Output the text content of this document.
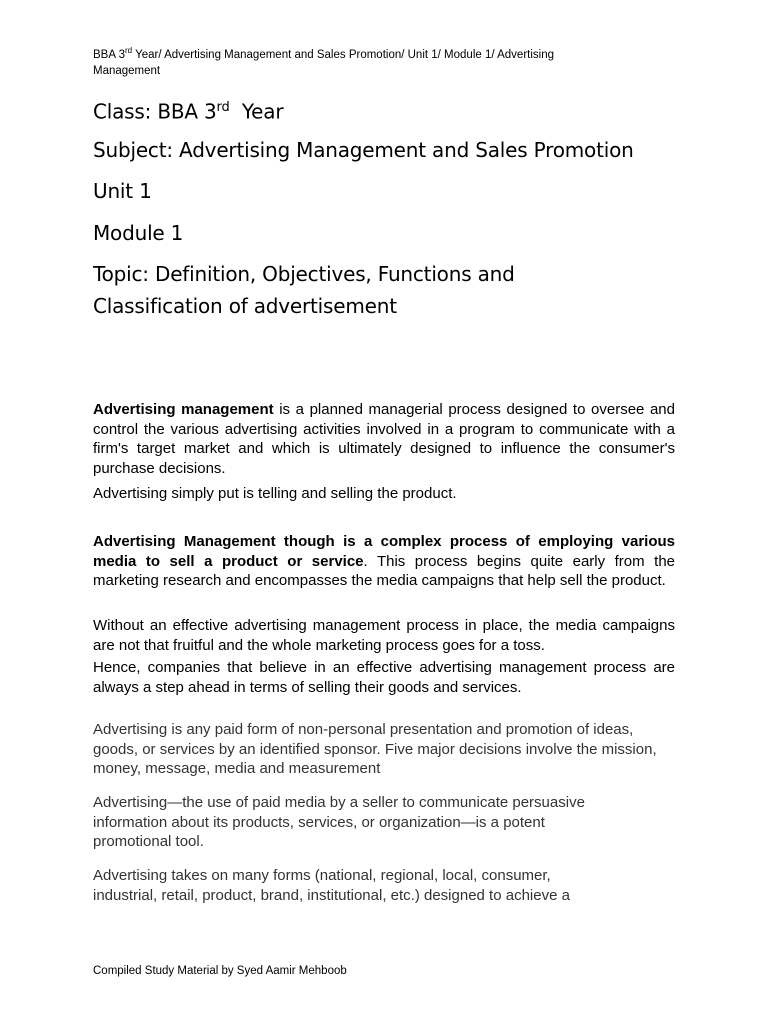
BBA 3rd Year/ Advertising Management and Sales Promotion/ Unit 1/ Module 1/ Advertising
Management
Class: BBA 3rd  Year
Subject: Advertising Management and Sales Promotion
Unit 1
Module 1
Topic: Definition, Objectives, Functions and
Classification of advertisement

Advertising management is a planned managerial process designed to oversee and control the various advertising activities involved in a program to communicate with a firm's target market and which is ultimately designed to influence the consumer's purchase decisions.

Advertising simply put is telling and selling the product.

Advertising Management though is a complex process of employing various media to sell a product or service. This process begins quite early from the marketing research and encompasses the media campaigns that help sell the product.

Without an effective advertising management process in place, the media campaigns are not that fruitful and the whole marketing process goes for a toss.

Hence, companies that believe in an effective advertising management process are always a step ahead in terms of selling their goods and services.

Advertising is any paid form of non-personal presentation and promotion of ideas, goods, or services by an identified sponsor. Five major decisions involve the mission, money, message, media and measurement

Advertising—the use of paid media by a seller to communicate persuasive
information about its products, services, or organization—is a potent
promotional tool.

Advertising takes on many forms (national, regional, local, consumer,
industrial, retail, product, brand, institutional, etc.) designed to achieve a

Compiled Study Material by Syed Aamir Mehboob
